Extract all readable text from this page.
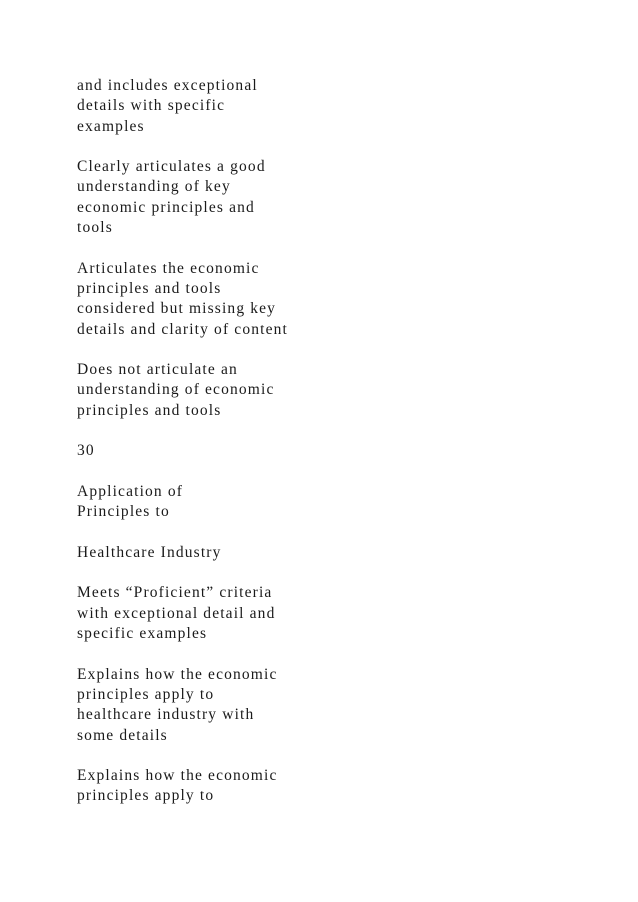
and includes exceptional
details with specific
examples

Clearly articulates a good
understanding of key
economic principles and
tools

Articulates the economic
principles and tools
considered but missing key
details and clarity of content

Does not articulate an
understanding of economic
principles and tools

30

Application of
Principles to

Healthcare Industry

Meets “Proficient” criteria
with exceptional detail and
specific examples

Explains how the economic
principles apply to
healthcare industry with
some details

Explains how the economic
principles apply to
